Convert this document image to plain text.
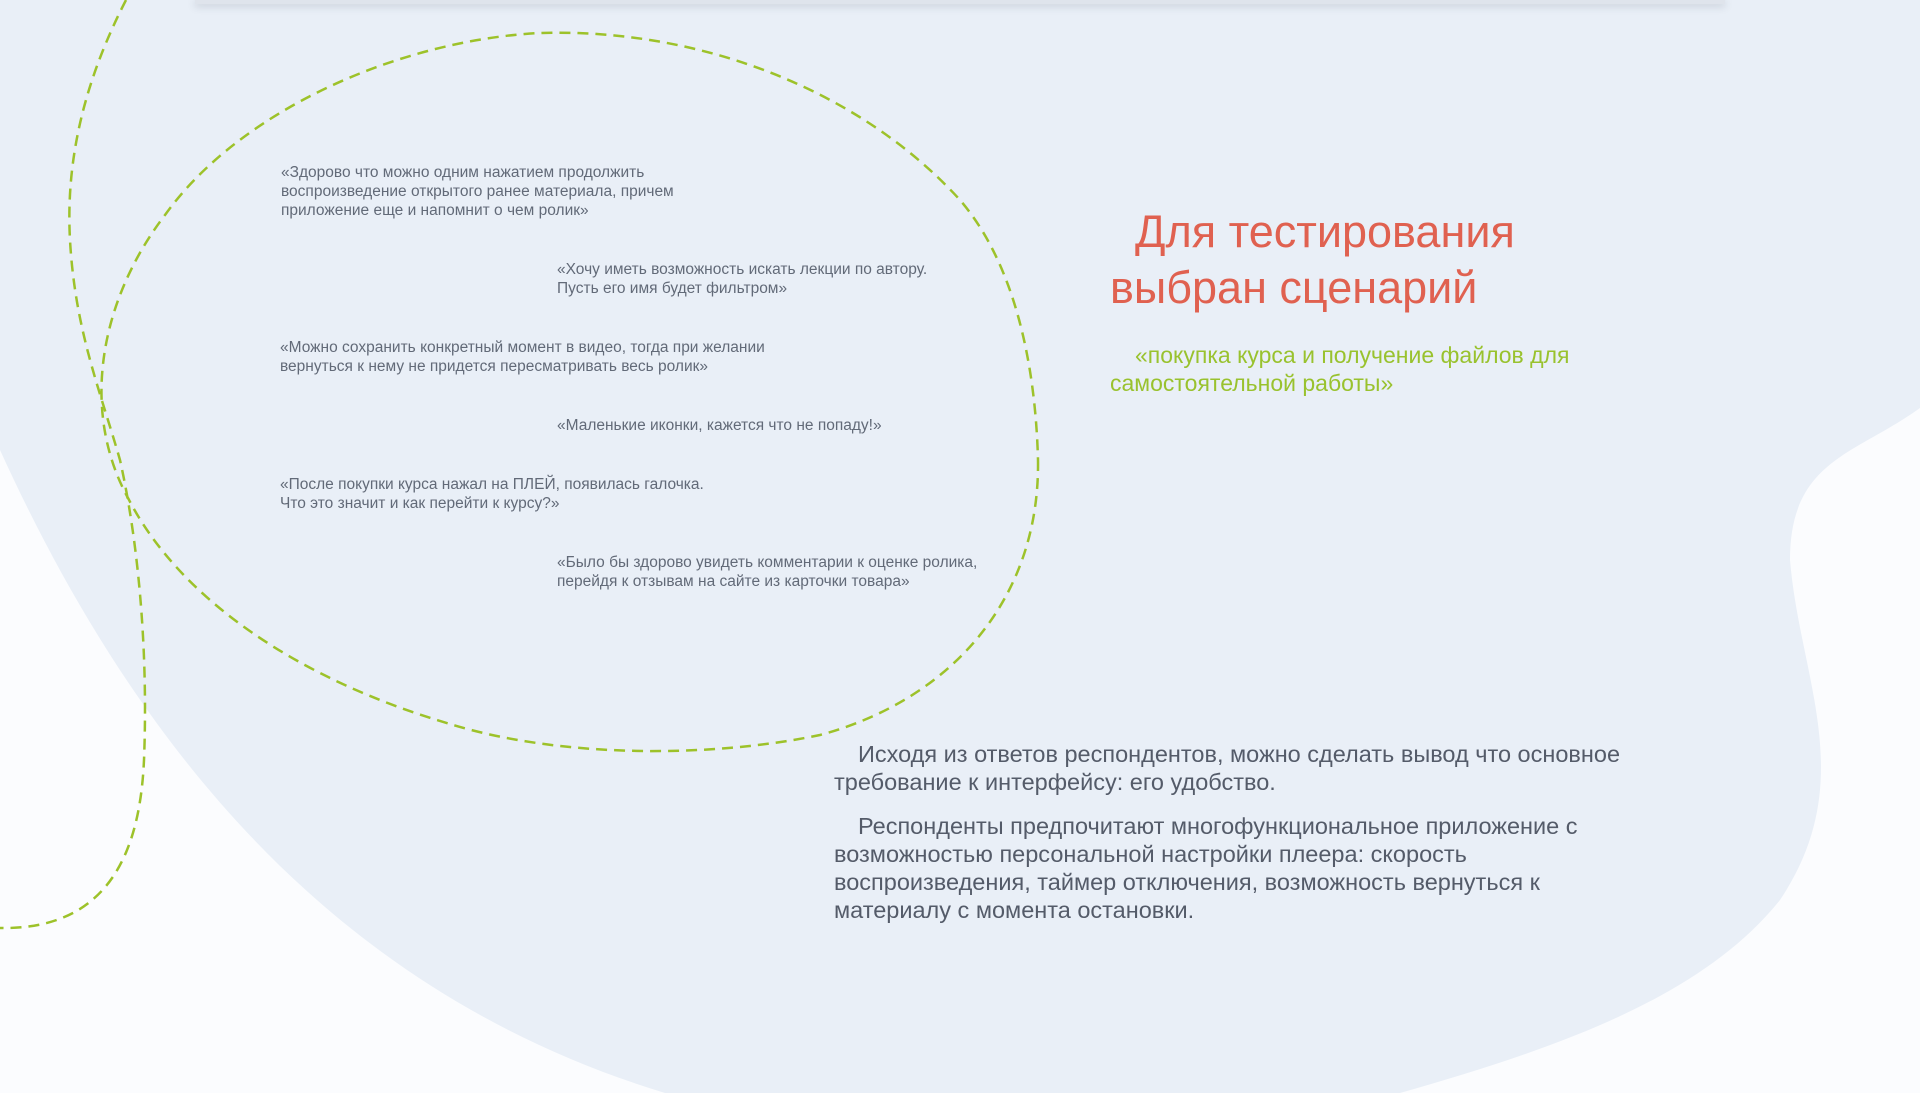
«Здорово что можно одним нажатием продолжить
воспроизведение открытого ранее материала, причем
приложение еще и напомнит о чем ролик»

«Хочу иметь возможность искать лекции по автору.
Пусть его имя будет фильтром»

«Можно сохранить конкретный момент в видео, тогда при желании
вернуться к нему не придется пересматривать весь ролик»

«Маленькие иконки, кажется что не попаду!»

«После покупки курса нажал на ПЛЕЙ, появилась галочка.
Что это значит и как перейти к курсу?»

«Было бы здорово увидеть комментарии к оценке ролика,
перейдя к отзывам на сайте из карточки товара»

Для тестирования выбран сценарий

«покупка курса и получение файлов для самостоятельной работы»

Исходя из ответов респондентов, можно сделать вывод что основное требование к интерфейсу: его удобство.

Респонденты предпочитают многофункциональное приложение с возможностью персональной настройки плеера: скорость воспроизведения, таймер отключения, возможность вернуться к материалу с момента остановки.
